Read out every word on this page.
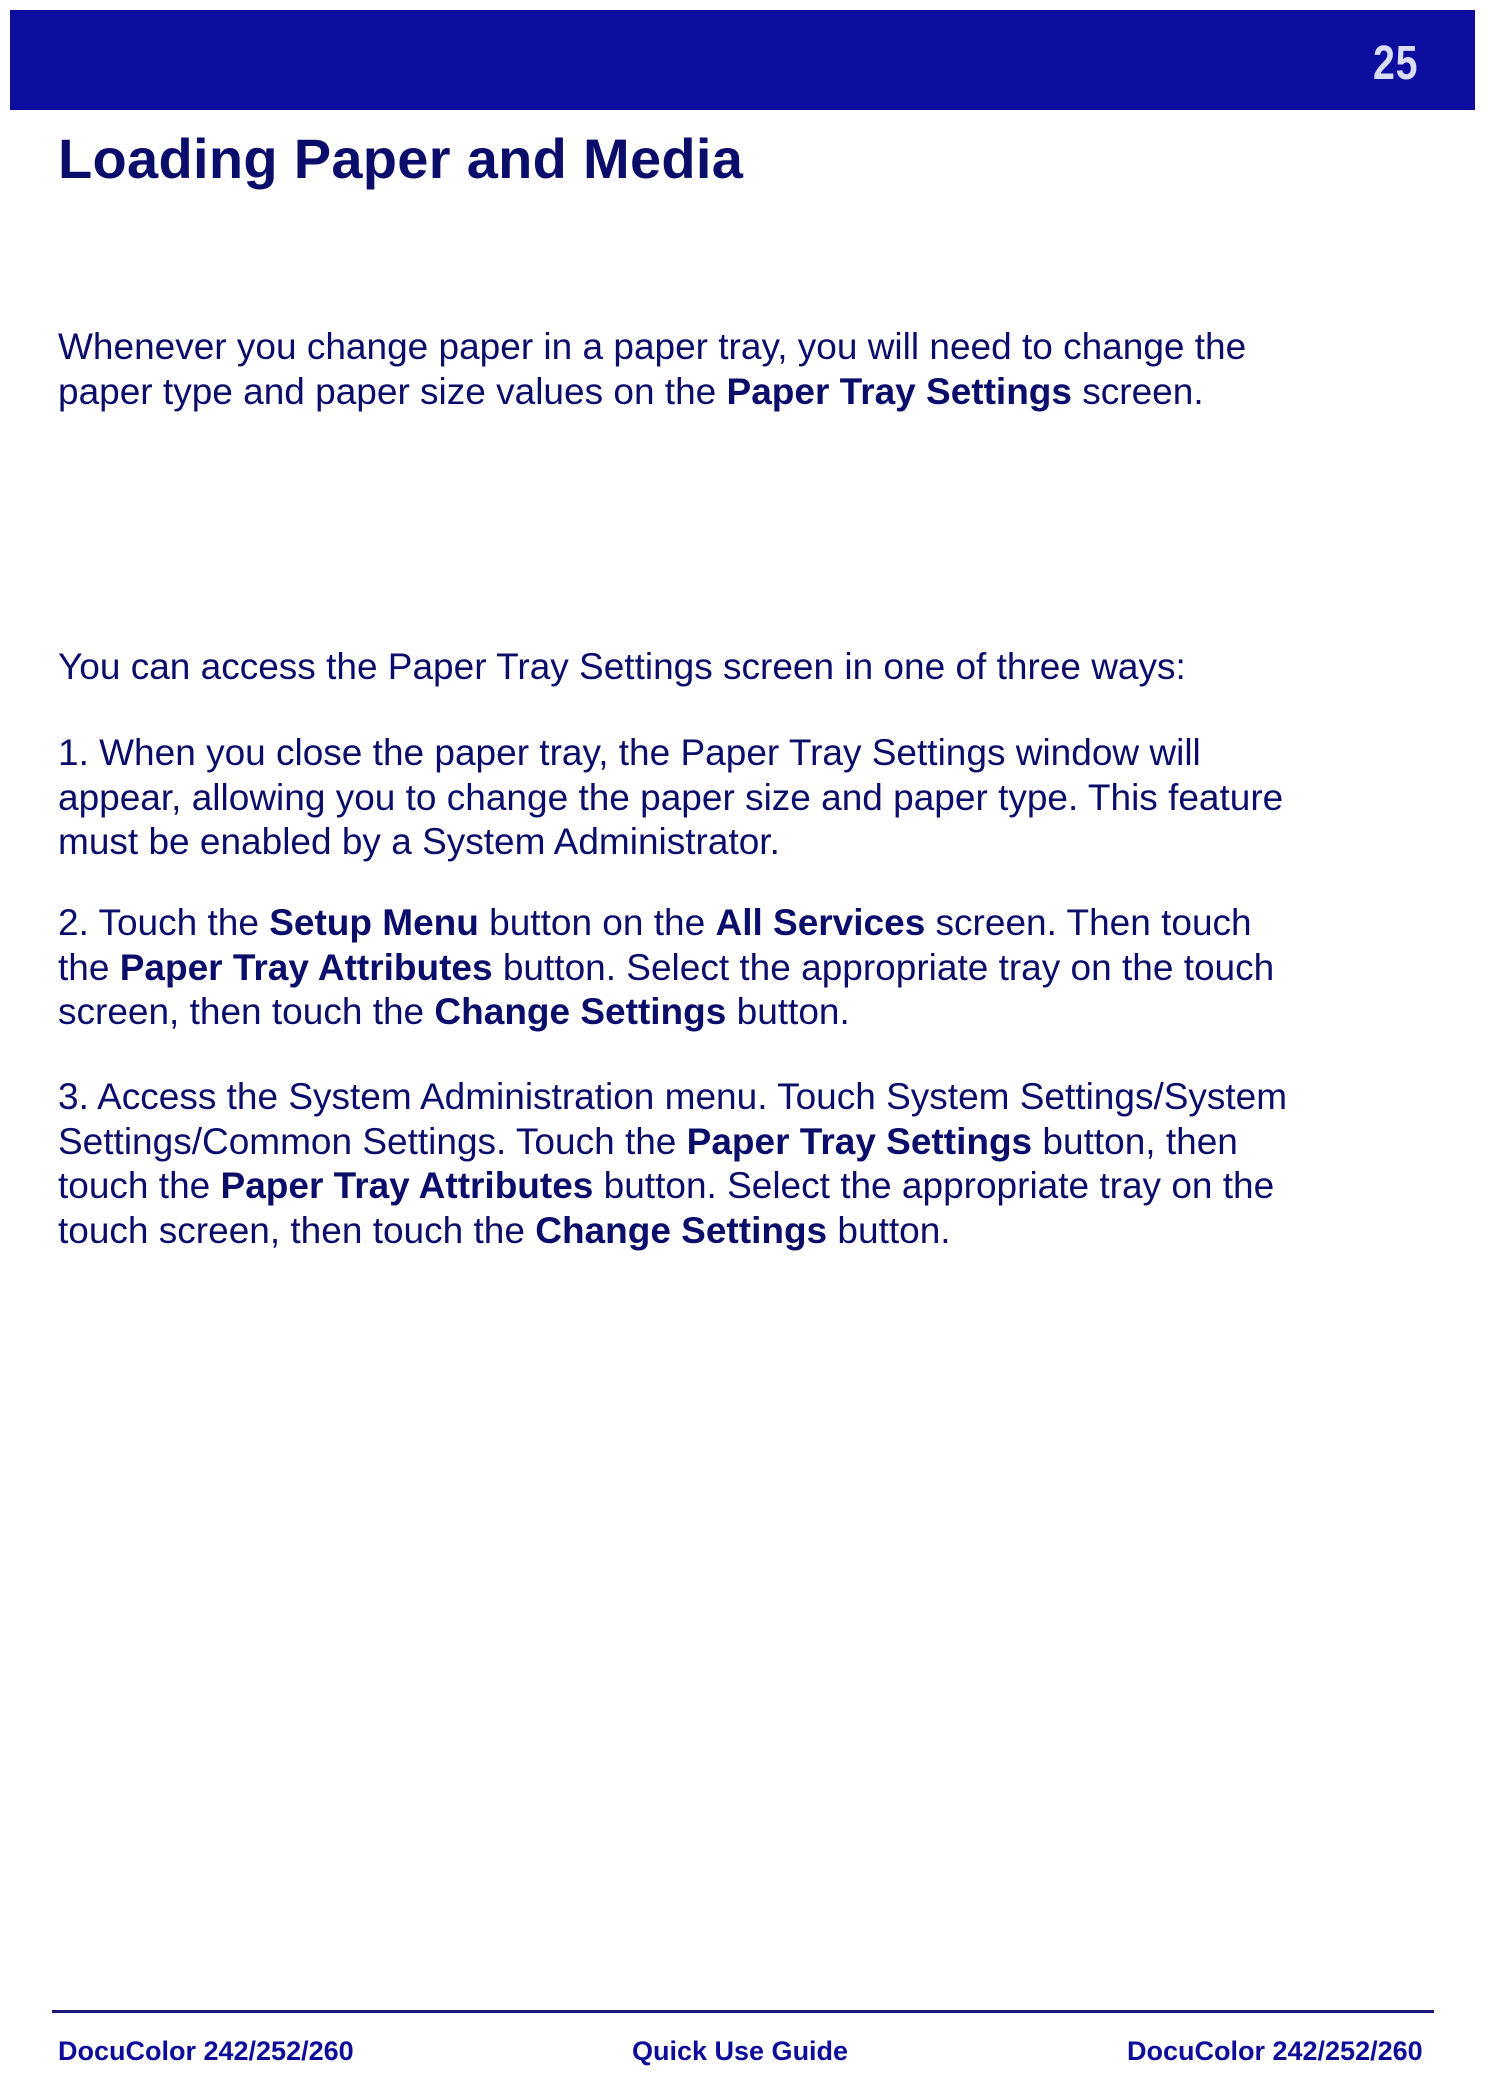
25
Loading Paper and Media

Whenever you change paper in a paper tray, you will need to change the paper type and paper size values on the Paper Tray Settings screen.

You can access the Paper Tray Settings screen in one of three ways:

1. When you close the paper tray, the Paper Tray Settings window will appear, allowing you to change the paper size and paper type. This feature must be enabled by a System Administrator.

2. Touch the Setup Menu button on the All Services screen. Then touch the Paper Tray Attributes button. Select the appropriate tray on the touch screen, then touch the Change Settings button.

3. Access the System Administration menu. Touch System Settings/System Settings/Common Settings. Touch the Paper Tray Settings button, then touch the Paper Tray Attributes button. Select the appropriate tray on the touch screen, then touch the Change Settings button.

DocuColor 242/252/260	Quick Use Guide	DocuColor 242/252/260
